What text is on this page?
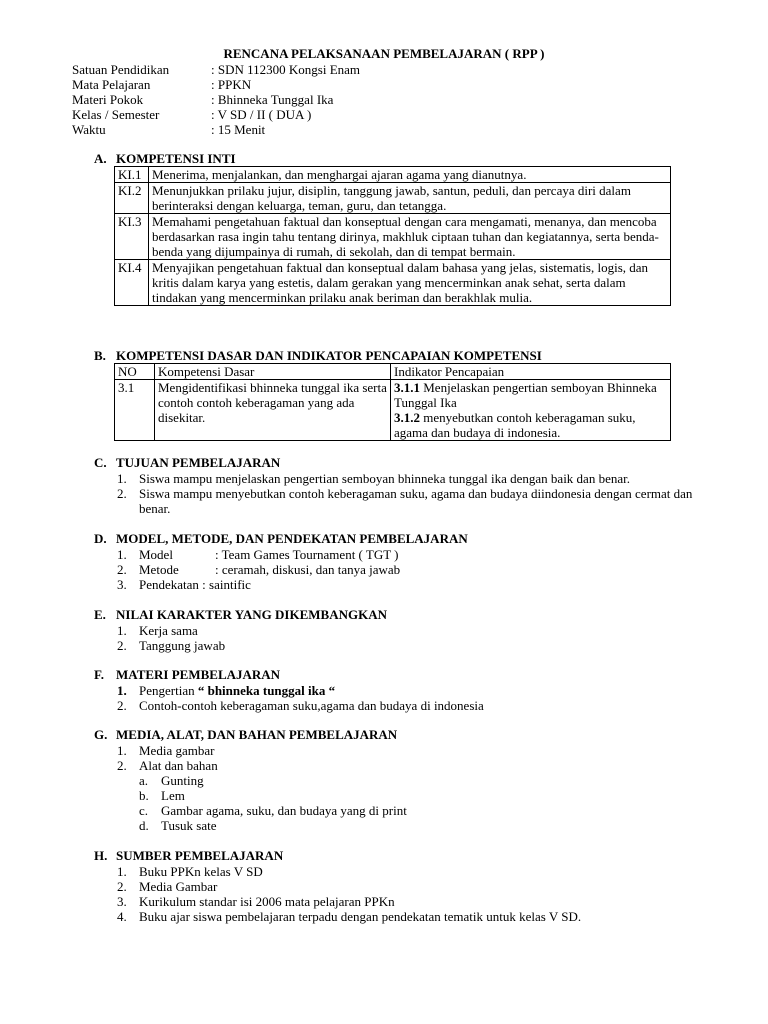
RENCANA PELAKSANAAN PEMBELAJARAN ( RPP )
Satuan Pendidikan	: SDN 112300 Kongsi Enam
Mata Pelajaran	: PPKN
Materi Pokok	: Bhinneka Tunggal Ika
Kelas / Semester	: V SD / II ( DUA )
Waktu	: 15 Menit
A. KOMPETENSI INTI
KI.1	Menerima, menjalankan, dan menghargai ajaran agama yang dianutnya.
KI.2	Menunjukkan prilaku jujur, disiplin, tanggung jawab, santun, peduli, dan percaya diri dalam berinteraksi dengan keluarga, teman, guru, dan tetangga.
KI.3	Memahami pengetahuan faktual dan konseptual dengan cara mengamati, menanya, dan mencoba berdasarkan rasa ingin tahu tentang dirinya, makhluk ciptaan tuhan dan kegiatannya, serta benda-benda yang dijumpainya di rumah, di sekolah, dan di tempat bermain.
KI.4	Menyajikan pengetahuan faktual dan konseptual dalam bahasa yang jelas, sistematis, logis, dan kritis dalam karya yang estetis, dalam gerakan yang mencerminkan anak sehat, serta dalam tindakan yang mencerminkan prilaku anak beriman dan berakhlak mulia.
B. KOMPETENSI DASAR DAN INDIKATOR PENCAPAIAN KOMPETENSI
NO	Kompetensi Dasar	Indikator Pencapaian
3.1	Mengidentifikasi bhinneka tunggal ika serta contoh contoh keberagaman yang ada disekitar.	3.1.1 Menjelaskan pengertian semboyan Bhinneka Tunggal Ika
3.1.2 menyebutkan contoh keberagaman suku, agama dan budaya di indonesia.
C. TUJUAN PEMBELAJARAN
1. Siswa mampu menjelaskan pengertian semboyan bhinneka tunggal ika dengan baik dan benar.
2. Siswa mampu menyebutkan contoh keberagaman suku, agama dan budaya diindonesia dengan cermat dan benar.
D. MODEL, METODE, DAN PENDEKATAN PEMBELAJARAN
1. Model	: Team Games Tournament ( TGT )
2. Metode	: ceramah, diskusi, dan tanya jawab
3. Pendekatan : saintific
E. NILAI KARAKTER YANG DIKEMBANGKAN
1. Kerja sama
2. Tanggung jawab
F. MATERI PEMBELAJARAN
1. Pengertian “ bhinneka tunggal ika “
2. Contoh-contoh keberagaman suku,agama dan budaya di indonesia
G. MEDIA, ALAT, DAN BAHAN PEMBELAJARAN
1. Media gambar
2. Alat dan bahan
a. Gunting
b. Lem
c. Gambar agama, suku, dan budaya yang di print
d. Tusuk sate
H. SUMBER PEMBELAJARAN
1. Buku PPKn kelas V SD
2. Media Gambar
3. Kurikulum standar isi 2006 mata pelajaran PPKn
4. Buku ajar siswa pembelajaran terpadu dengan pendekatan tematik untuk kelas V SD.
